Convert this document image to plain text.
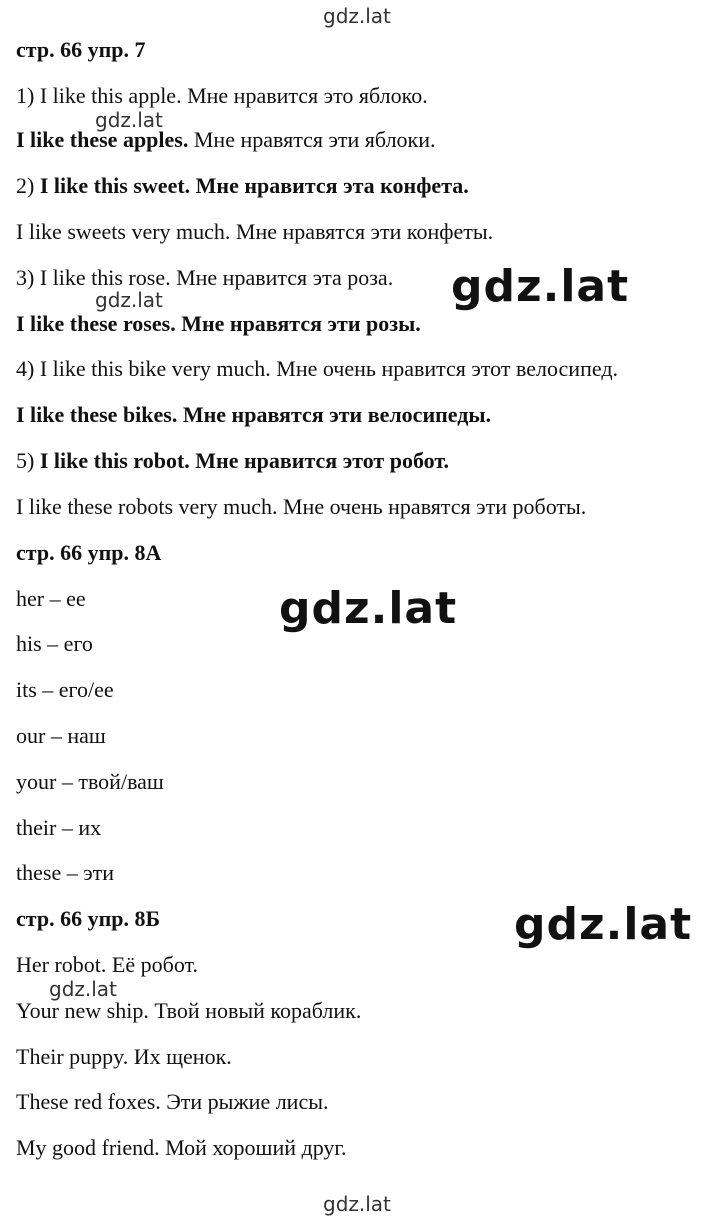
gdz.lat
gdz.lat
gdz.lat
gdz.lat
gdz.lat
gdz.lat
gdz.lat
gdz.lat
стр. 66 упр. 7
1) I like this apple. Мне нравится это яблоко.
I like these apples. Мне нравятся эти яблоки.
2) I like this sweet. Мне нравится эта конфета.
I like sweets very much. Мне нравятся эти конфеты.
3) I like this rose. Мне нравится эта роза.
I like these roses. Мне нравятся эти розы.
4) I like this bike very much. Мне очень нравится этот велосипед.
I like these bikes. Мне нравятся эти велосипеды.
5) I like this robot. Мне нравится этот робот.
I like these robots very much. Мне очень нравятся эти роботы.
стр. 66 упр. 8А
her – ее
his – его
its – его/ее
our – наш
your – твой/ваш
their – их
these – эти
стр. 66 упр. 8Б
Her robot. Её робот.
Your new ship. Твой новый кораблик.
Their puppy. Их щенок.
These red foxes. Эти рыжие лисы.
My good friend. Мой хороший друг.
